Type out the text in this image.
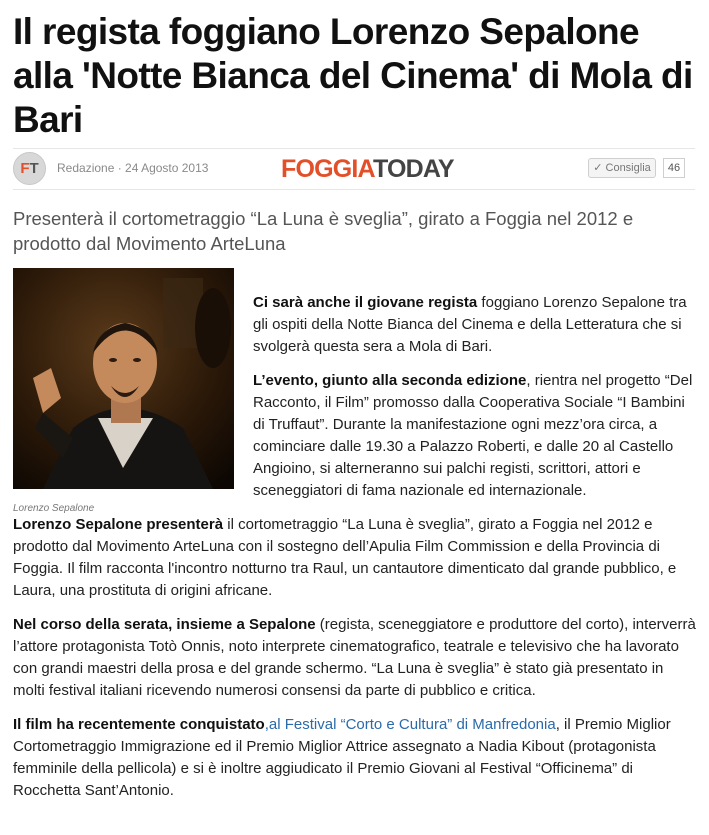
Il regista foggiano Lorenzo Sepalone alla 'Notte Bianca del Cinema' di Mola di Bari
FT	Redazione · 24 Agosto 2013	FOGGIATODAY	✓ Consiglia	46

Presenterà il cortometraggio “La Luna è sveglia”, girato a Foggia nel 2012 e prodotto dal Movimento ArteLuna

Lorenzo Sepalone

Ci sarà anche il giovane regista foggiano Lorenzo Sepalone tra gli ospiti della Notte Bianca del Cinema e della Letteratura che si svolgerà questa sera a Mola di Bari.

L’evento, giunto alla seconda edizione, rientra nel progetto “Del Racconto, il Film” promosso dalla Cooperativa Sociale “I Bambini di Truffaut”. Durante la manifestazione ogni mezz’ora circa, a cominciare dalle 19.30 a Palazzo Roberti, e dalle 20 al Castello Angioino, si alterneranno sui palchi registi, scrittori, attori e sceneggiatori di fama nazionale ed internazionale.

Lorenzo Sepalone presenterà il cortometraggio “La Luna è sveglia”, girato a Foggia nel 2012 e prodotto dal Movimento ArteLuna con il sostegno dell’Apulia Film Commission e della Provincia di Foggia. Il film racconta l'incontro notturno tra Raul, un cantautore dimenticato dal grande pubblico, e Laura, una prostituta di origini africane.

Nel corso della serata, insieme a Sepalone (regista, sceneggiatore e produttore del corto), interverrà l’attore protagonista Totò Onnis, noto interprete cinematografico, teatrale e televisivo che ha lavorato con grandi maestri della prosa e del grande schermo. “La Luna è sveglia” è stato già presentato in molti festival italiani ricevendo numerosi consensi da parte di pubblico e critica.

Il film ha recentemente conquistato,al Festival “Corto e Cultura” di Manfredonia, il Premio Miglior Cortometraggio Immigrazione ed il Premio Miglior Attrice assegnato a Nadia Kibout (protagonista femminile della pellicola) e si è inoltre aggiudicato il Premio Giovani al Festival “Officinema” di Rocchetta Sant’Antonio.
